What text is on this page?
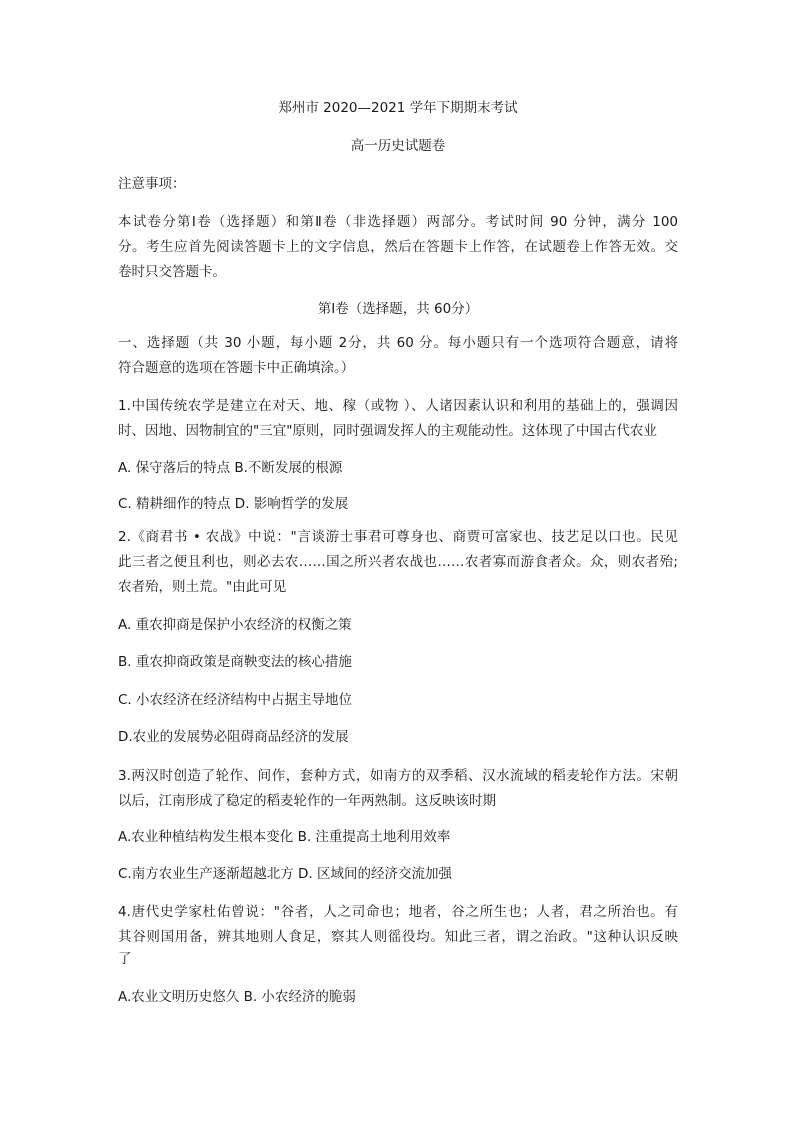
郑州市 2020—2021 学年下期期末考试
高一历史试题卷
注意事项：
本试卷分第Ⅰ卷（选择题）和第Ⅱ卷（非选择题）两部分。考试时间 90 分钟，满分 100
分。考生应首先阅读答题卡上的文字信息，然后在答题卡上作答，在试题卷上作答无效。交
卷时只交答题卡。
第Ⅰ卷（选择题，共 60分）
一、选择题（共 30 小题，每小题 2分，共 60 分。每小题只有一个选项符合题意，请将
符合题意的选项在答题卡中正确填涂。）
1.中国传统农学是建立在对天、地、稼（或物 ）、人诸因素认识和利用的基础上的，强调因
时、因地、因物制宜的"三宜"原则，同时强调发挥人的主观能动性。这体现了中国古代农业
A. 保守落后的特点 B.不断发展的根源
C. 精耕细作的特点 D. 影响哲学的发展
2.《商君书 • 农战》中说："言谈游士事君可尊身也、商贾可富家也、技艺足以口也。民见
此三者之便且利也，则必去农……国之所兴者农战也……农者寡而游食者众。众，则农者殆;
农者殆，则土荒。"由此可见
A. 重农抑商是保护小农经济的权衡之策
B. 重农抑商政策是商鞅变法的核心措施
C. 小农经济在经济结构中占据主导地位
D.农业的发展势必阻碍商品经济的发展
3.两汉时创造了轮作、间作，套种方式，如南方的双季稻、汉水流域的稻麦轮作方法。宋朝
以后，江南形成了稳定的稻麦轮作的一年两熟制。这反映该时期
A.农业种植结构发生根本变化 B. 注重提高土地利用效率
C.南方农业生产逐渐超越北方 D. 区域间的经济交流加强
4.唐代史学家杜佑曾说："谷者，人之司命也；地者，谷之所生也；人者，君之所治也。有
其谷则国用备，辨其地则人食足，察其人则徭役均。知此三者，谓之治政。"这种认识反映
了
A.农业文明历史悠久 B. 小农经济的脆弱
